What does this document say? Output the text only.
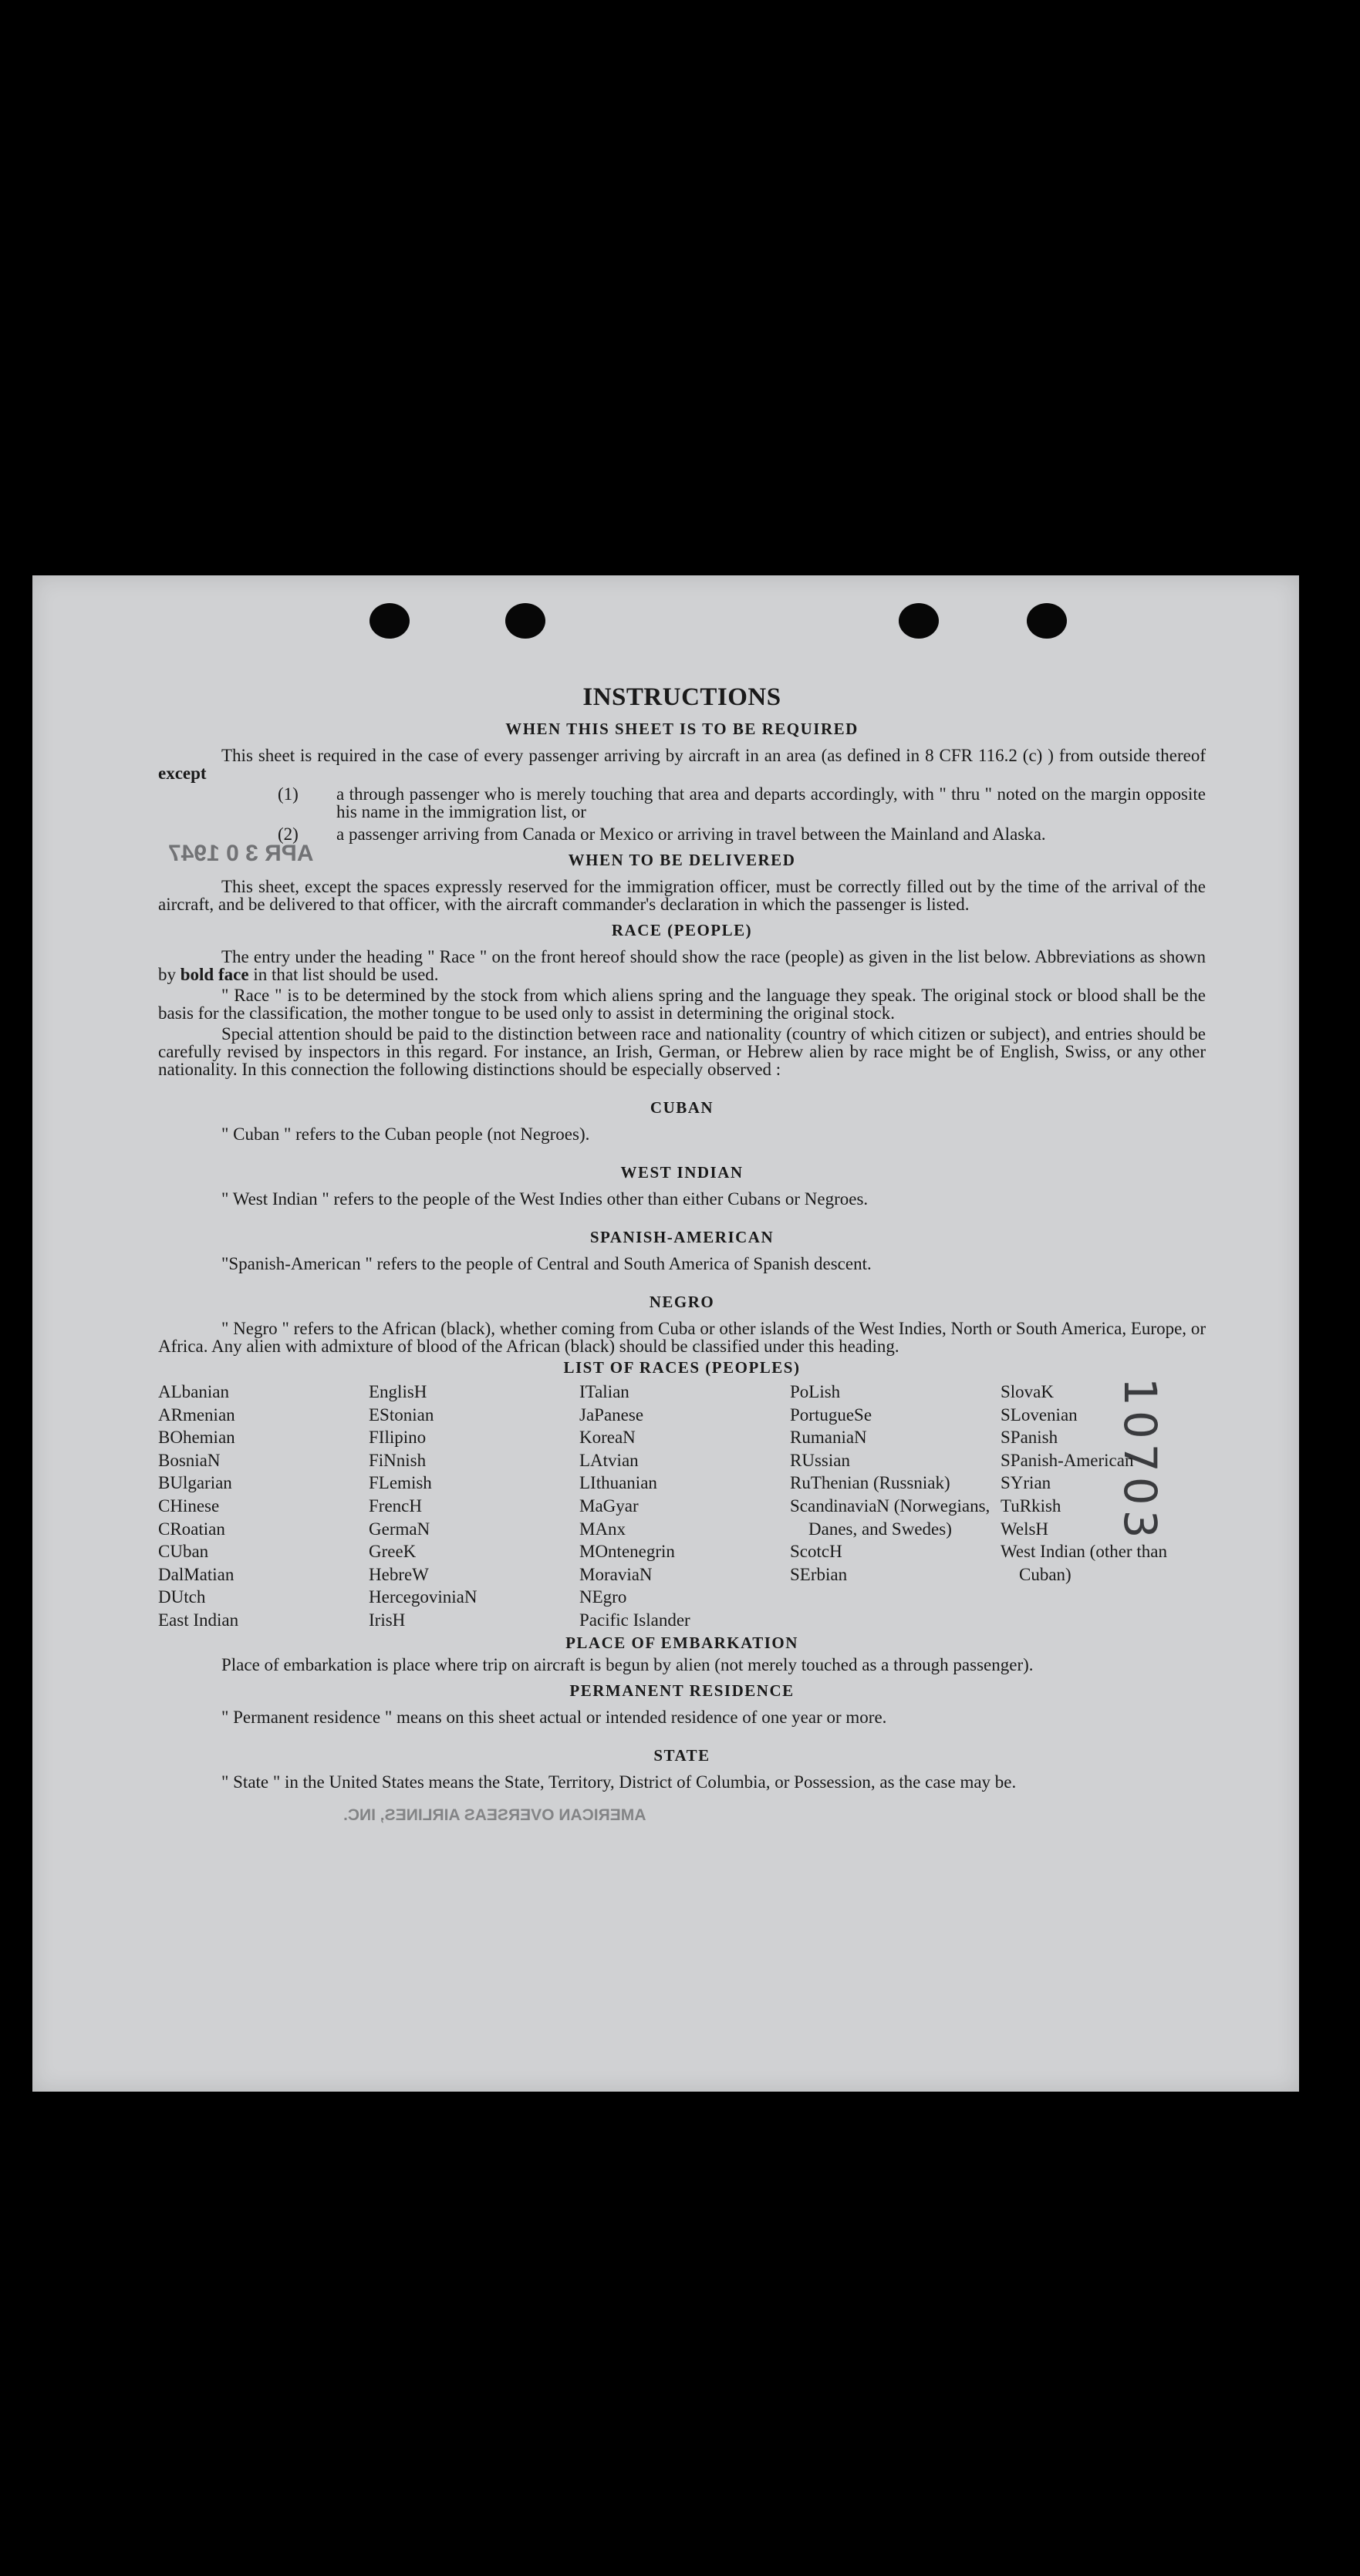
APR 3 0 1947
AMERICAN OVERSEAS AIRLINES, INC.
10703
INSTRUCTIONS
WHEN THIS SHEET IS TO BE REQUIRED
This sheet is required in the case of every passenger arriving by aircraft in an area (as defined in 8 CFR 116.2 (c) ) from outside thereof except
(1)	a through passenger who is merely touching that area and departs accordingly, with " thru " noted on the margin opposite his name in the immigration list, or
(2)	a passenger arriving from Canada or Mexico or arriving in travel between the Mainland and Alaska.
WHEN TO BE DELIVERED
This sheet, except the spaces expressly reserved for the immigration officer, must be correctly filled out by the time of the arrival of the aircraft, and be delivered to that officer, with the aircraft commander's declaration in which the passenger is listed.
RACE (PEOPLE)
The entry under the heading " Race " on the front hereof should show the race (people) as given in the list below. Abbreviations as shown by bold face in that list should be used.
" Race " is to be determined by the stock from which aliens spring and the language they speak. The original stock or blood shall be the basis for the classification, the mother tongue to be used only to assist in determining the original stock.
Special attention should be paid to the distinction between race and nationality (country of which citizen or subject), and entries should be carefully revised by inspectors in this regard. For instance, an Irish, German, or Hebrew alien by race might be of English, Swiss, or any other nationality. In this connection the following distinctions should be especially observed :
CUBAN
" Cuban " refers to the Cuban people (not Negroes).
WEST INDIAN
" West Indian " refers to the people of the West Indies other than either Cubans or Negroes.
SPANISH-AMERICAN
"Spanish-American " refers to the people of Central and South America of Spanish descent.
NEGRO
" Negro " refers to the African (black), whether coming from Cuba or other islands of the West Indies, North or South America, Europe, or Africa. Any alien with admixture of blood of the African (black) should be classified under this heading.
LIST OF RACES (PEOPLES)
ALbanian
ARmenian
BOhemian
BosniaN
BUlgarian
CHinese
CRoatian
CUban
DalMatian
DUtch
East Indian
EnglisH
EStonian
FIlipino
FiNnish
FLemish
FrencH
GermaN
GreeK
HebreW
HercegoviniaN
IrisH
ITalian
JaPanese
KoreaN
LAtvian
LIthuanian
MaGyar
MAnx
MOntenegrin
MoraviaN
NEgro
Pacific Islander
PoLish
PortugueSe
RumaniaN
RUssian
RuThenian (Russniak)
ScandinaviaN (Norwegians, Danes, and Swedes)
ScotcH
SErbian
SlovaK
SLovenian
SPanish
SPanish-American
SYrian
TuRkish
WelsH
West Indian (other than Cuban)
PLACE OF EMBARKATION
Place of embarkation is place where trip on aircraft is begun by alien (not merely touched as a through passenger).
PERMANENT RESIDENCE
" Permanent residence " means on this sheet actual or intended residence of one year or more.
STATE
" State " in the United States means the State, Territory, District of Columbia, or Possession, as the case may be.
